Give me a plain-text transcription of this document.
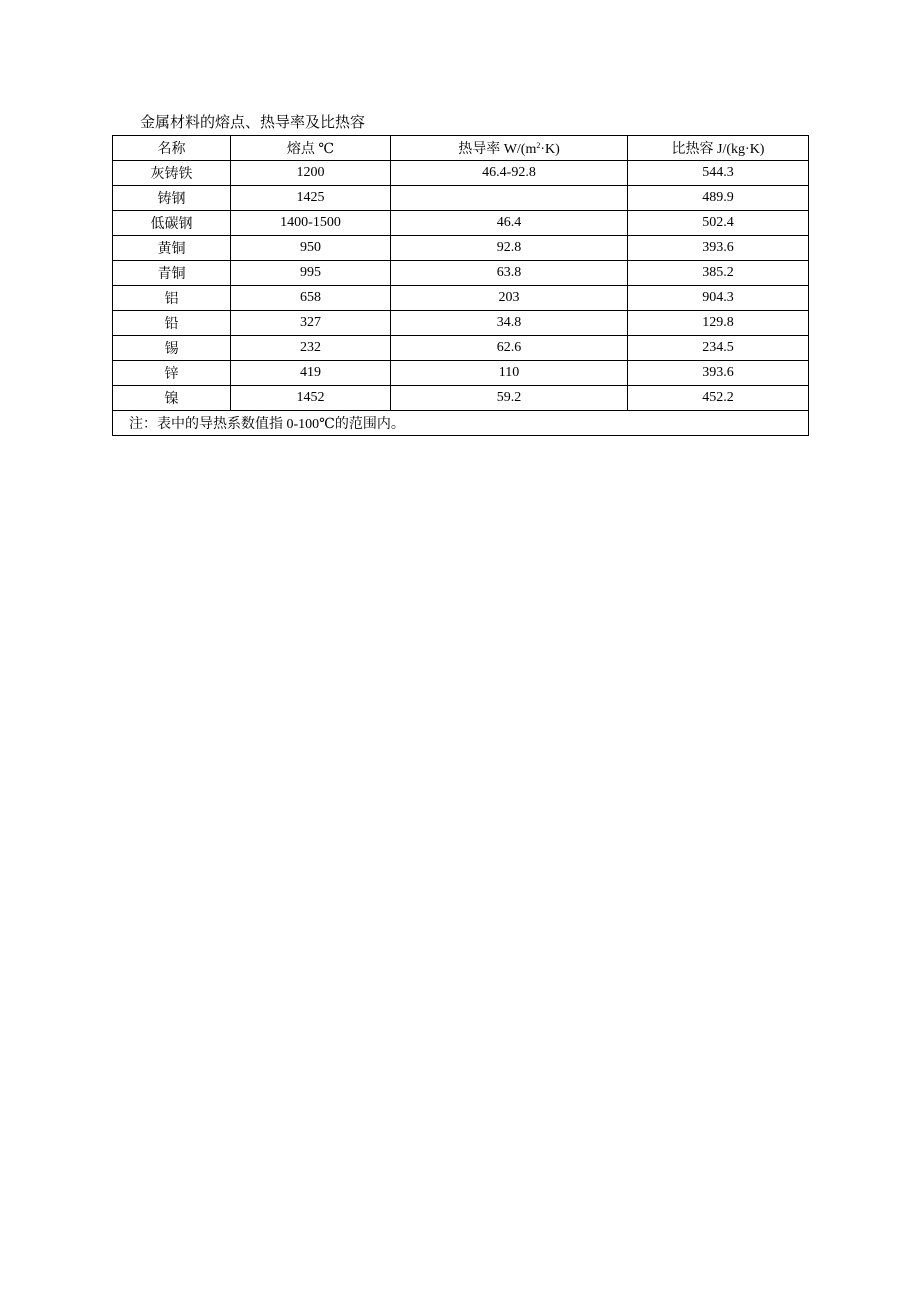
金属材料的熔点、热导率及比热容
名称	熔点 ℃	热导率 $W/(m^2\cdot K)$	比热容 J/(kg·K)
灰铸铁	1200	46.4-92.8	544.3
铸钢	1425		489.9
低碳钢	1400-1500	46.4	502.4
黄铜	950	92.8	393.6
青铜	995	63.8	385.2
铝	658	203	904.3
铅	327	34.8	129.8
锡	232	62.6	234.5
锌	419	110	393.6
镍	1452	59.2	452.2
注：表中的导热系数值指 0-100℃的范围内。			
